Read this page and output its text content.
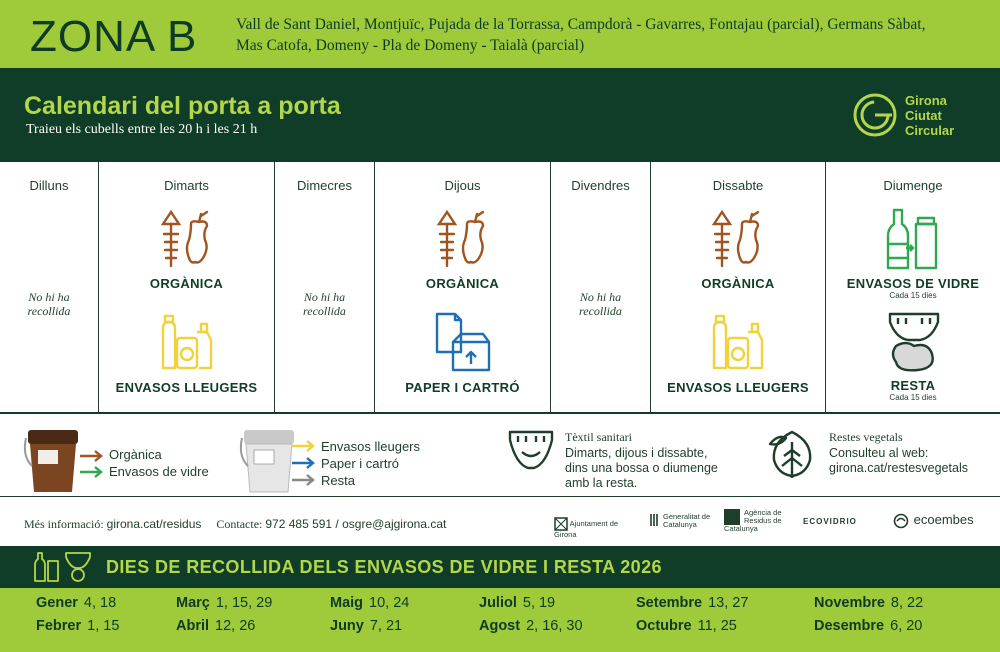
ZONA B Vall de Sant Daniel, Montjuïc, Pujada de la Torrassa, Campdorà - Gavarres, Fontajau (parcial), Germans Sàbat,
Mas Catofa, Domeny - Pla de Domeny - Taialà (parcial)
Calendari del porta a porta
Traieu els cubells entre les 20 h i les 21 h
Girona
Ciutat
Circular
Dilluns
No hi ha
recollida
Dimarts
ORGÀNICA
ENVASOS LLEUGERS
Dimecres
No hi ha
recollida
Dijous
ORGÀNICA
PAPER I CARTRÓ
Divendres
No hi ha
recollida
Dissabte
ORGÀNICA
ENVASOS LLEUGERS
Diumenge
ENVASOS DE VIDRE
Cada 15 dies
RESTA
Cada 15 dies
Orgànica
Envasos de vidre
Envasos lleugers
Paper i cartró
Resta
Tèxtil sanitari
Dimarts, dijous i dissabte,
dins una bossa o diumenge
amb la resta.
Restes vegetals
Consulteu al web:
girona.cat/restesvegetals
Més informació: girona.cat/residus Contacte: 972 485 591 / osgre@ajgirona.cat	Ajuntament de Girona
Generalitat de Catalunya
Agència de Residus de Catalunya
ECOVIDRIO	ecoembes
DIES DE RECOLLIDA DELS ENVASOS DE VIDRE I RESTA 2026
Gener 4, 18
Febrer 1, 15
Març 1, 15, 29
Abril 12, 26
Maig 10, 24
Juny 7, 21
Juliol 5, 19
Agost 2, 16, 30
Setembre 13, 27
Octubre 11, 25
Novembre 8, 22
Desembre 6, 20
